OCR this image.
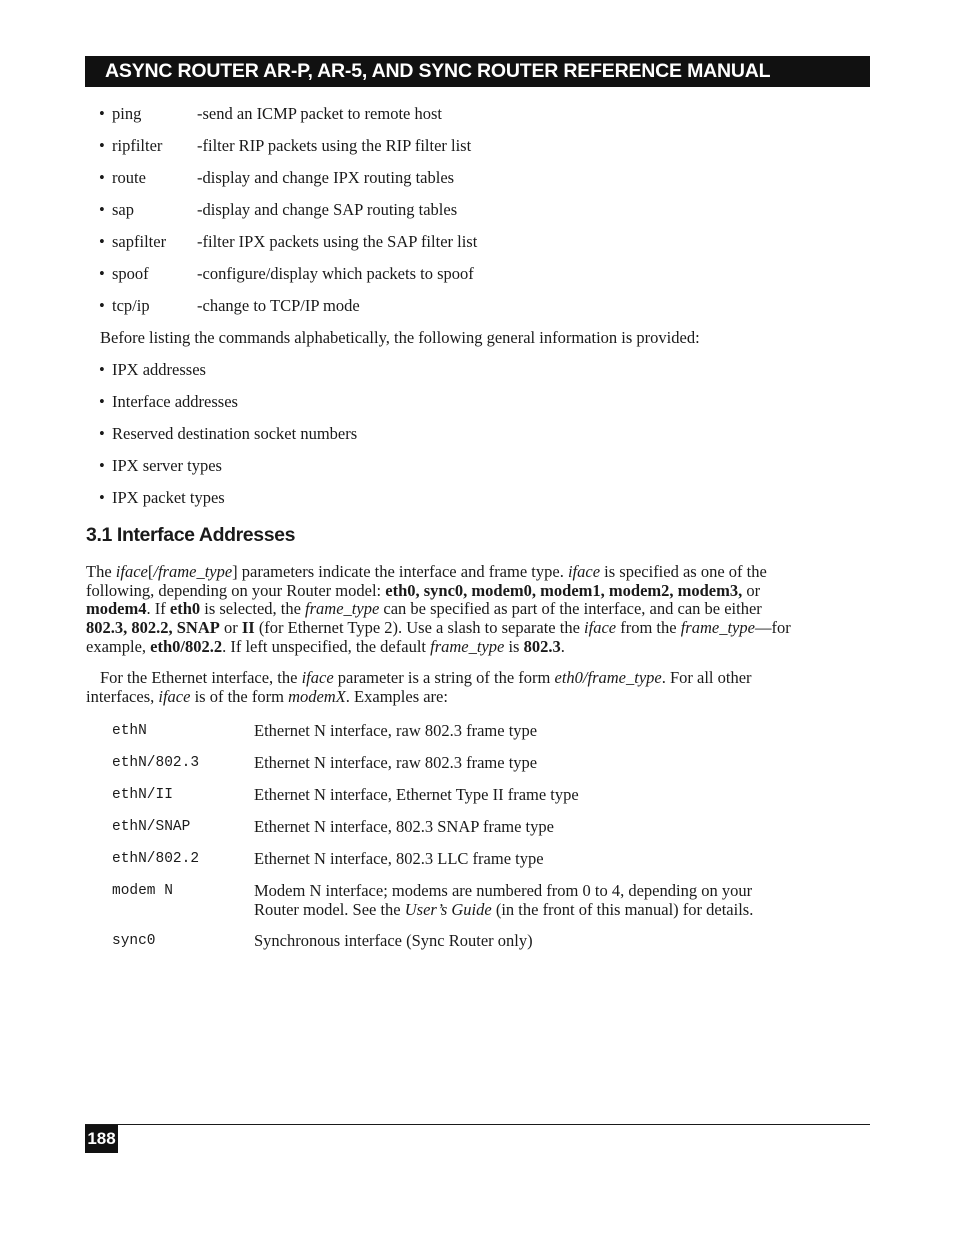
ASYNC ROUTER AR-P, AR-5, AND SYNC ROUTER REFERENCE MANUAL
• ping	-send an ICMP packet to remote host
• ripfilter -filter RIP packets using the RIP filter list
• route	-display and change IPX routing tables
• sap	-display and change SAP routing tables
• sapfilter -filter IPX packets using the SAP filter list
• spoof	-configure/display which packets to spoof
• tcp/ip	-change to TCP/IP mode
Before listing the commands alphabetically, the following general information is provided:
• IPX addresses
• Interface addresses
• Reserved destination socket numbers
• IPX server types
• IPX packet types
3.1 Interface Addresses
The iface[/frame_type] parameters indicate the interface and frame type. iface is specified as one of the
following, depending on your Router model: eth0, sync0, modem0, modem1, modem2, modem3, or
modem4. If eth0 is selected, the frame_type can be specified as part of the interface, and can be either
802.3, 802.2, SNAP or II (for Ethernet Type 2). Use a slash to separate the iface from the frame_type—for
example, eth0/802.2. If left unspecified, the default frame_type is 802.3.
For the Ethernet interface, the iface parameter is a string of the form eth0/frame_type. For all other
interfaces, iface is of the form modemX. Examples are:
ethN	Ethernet N interface, raw 802.3 frame type
ethN/802.3	Ethernet N interface, raw 802.3 frame type
ethN/II	Ethernet N interface, Ethernet Type II frame type
ethN/SNAP	Ethernet N interface, 802.3 SNAP frame type
ethN/802.2	Ethernet N interface, 802.3 LLC frame type
modem N	Modem N interface; modems are numbered from 0 to 4, depending on your
Router model. See the User’s Guide (in the front of this manual) for details.
sync0	Synchronous interface (Sync Router only)
188
